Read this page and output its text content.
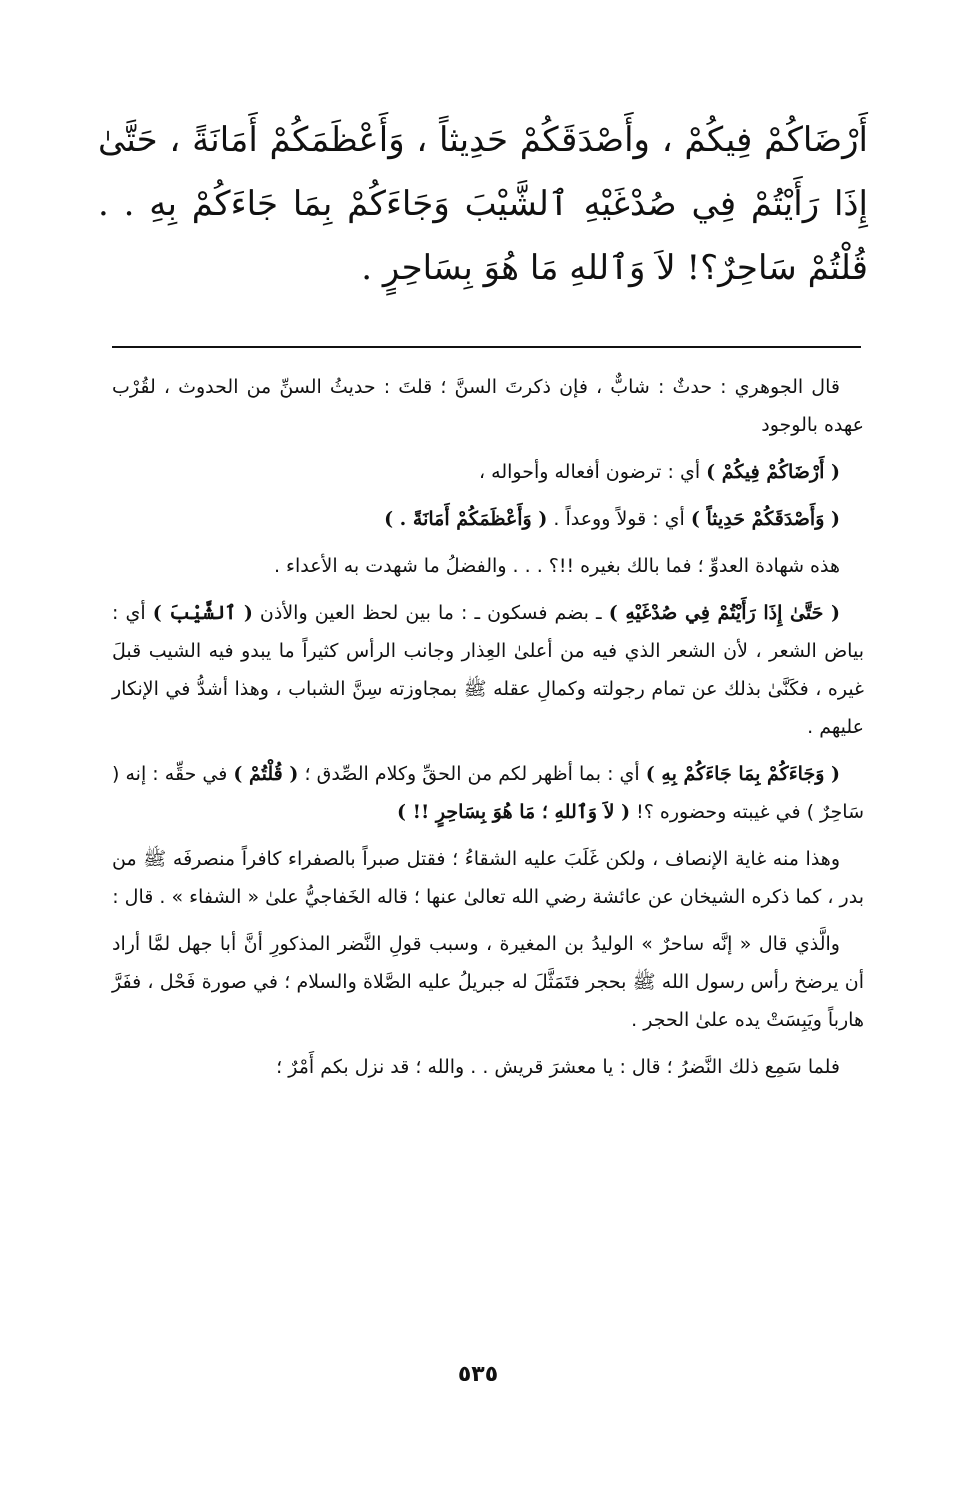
أَرْضَاكُمْ فِيكُمْ ، وأَصْدَقَكُمْ حَدِيثاً ، وَأَعْظَمَكُمْ أَمَانَةً ، حَتَّىٰ إِذَا رَأَيْتُمْ فِي صُدْغَيْهِ ٱلشَّيْبَ وَجَاءَكُمْ بِمَا جَاءَكُمْ بِهِ . . قُلْتُمْ سَاحِرٌ؟! لاَ وَٱللهِ مَا هُوَ بِسَاحِرٍ .

قال الجوهري : حدثٌ : شابٌّ ، فإن ذكرتَ السنَّ ؛ قلتَ : حديثُ السنِّ من الحدوث ، لقُرْب عهده بالوجود

( أَرْضَاكُمْ فِيكُمْ ) أي : ترضون أفعاله وأحواله ،

( وَأَصْدَقَكُمْ حَدِيثاً ) أي : قولاً ووعداً . ( وَأَعْظَمَكُمْ أَمَانَةً . )

هذه شهادة العدوِّ ؛ فما بالك بغيره !!؟ . . . والفضلُ ما شهدت به الأعداء .

( حَتَّىٰ إِذَا رَأَيْتُمْ فِي صُدْغَيْهِ ) ـ بضم فسكون ـ : ما بين لحظ العين والأذن ( ٱلشَّيْبَ ) أي : بياض الشعر ، لأن الشعر الذي فيه من أعلىٰ العِذار وجانب الرأس كثيراً ما يبدو فيه الشيب قبلَ غيره ، فكَنَّىٰ بذلك عن تمام رجولته وكمالِ عقله ﷺ بمجاوزته سِنَّ الشباب ، وهذا أشدُّ في الإنكار عليهم .

( وَجَاءَكُمْ بِمَا جَاءَكُمْ بِهِ ) أي : بما أظهر لكم من الحقِّ وكلام الصِّدق ؛ ( قُلْتُمْ ) في حقِّه : إنه ( سَاحِرٌ ) في غيبته وحضوره ؟! ( لاَ وَٱللهِ ؛ مَا هُوَ بِسَاحِرٍ !! )

وهذا منه غاية الإنصاف ، ولكن غَلَبَ عليه الشقاءُ ؛ فقتل صبراً بالصفراء كافراً منصرفَه ﷺ من بدر ، كما ذكره الشيخان عن عائشة رضي الله تعالىٰ عنها ؛ قاله الخَفاجيُّ علىٰ « الشفاء » . قال :

والَّذي قال « إنَّه ساحرٌ » الوليدُ بن المغيرة ، وسبب قولِ النَّضر المذكورِ أنَّ أبا جهل لمَّا أراد أن يرضخ رأس رسول الله ﷺ بحجر فتَمَثَّلَ له جبريلُ عليه الصَّلاة والسلام ؛ في صورة فَحْل ، ففَرَّ هارباً ويَبِسَتْ يده علىٰ الحجر .

فلما سَمِع ذلك النَّضرُ ؛ قال : يا معشرَ قريش . . والله ؛ قد نزل بكم أَمْرٌ ؛

٥٣٥
